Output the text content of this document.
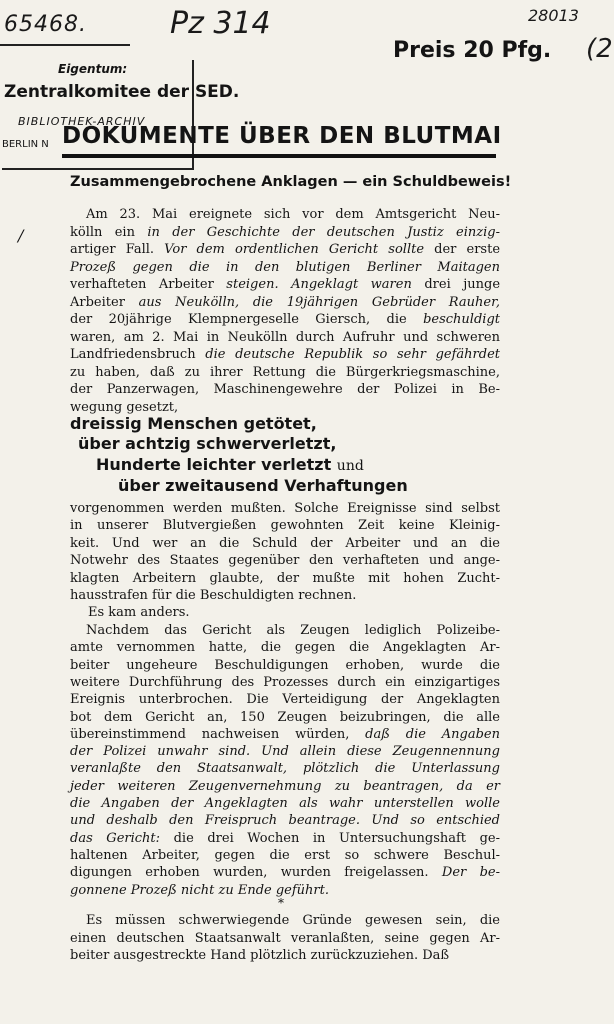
65468.	Pz 314	28013
(2
Preis 20 Pfg.
Eigentum:
Zentralkomitee der SED.
BIBLIOTHEK-ARCHIV
BERLIN N DOKUMENTE ÜBER DEN BLUTMAI
Zusammengebrochene Anklagen — ein Schuldbeweis!
/
Am 23. Mai ereignete sich vor dem Amtsgericht Neu-
kölln ein in der Geschichte der deutschen Justiz einzig-
artiger Fall. Vor dem ordentlichen Gericht sollte der erste
Prozeß gegen die in den blutigen Berliner Maitagen
verhafteten Arbeiter steigen. Angeklagt waren drei junge
Arbeiter aus Neukölln, die 19jährigen Gebrüder Rauher,
der 20jährige Klempnergeselle Giersch, die beschuldigt
waren, am 2. Mai in Neukölln durch Aufruhr und schweren
Landfriedensbruch die deutsche Republik so sehr gefährdet
zu haben, daß zu ihrer Rettung die Bürgerkriegsmaschine,
der Panzerwagen, Maschinengewehre der Polizei in Be-
wegung gesetzt,
dreissig Menschen getötet,
über achtzig schwerverletzt,
Hunderte leichter verletzt und
über zweitausend Verhaftungen
vorgenommen werden mußten. Solche Ereignisse sind selbst
in unserer Blutvergießen gewohnten Zeit keine Kleinig-
keit. Und wer an die Schuld der Arbeiter und an die
Notwehr des Staates gegenüber den verhafteten und ange-
klagten Arbeitern glaubte, der mußte mit hohen Zucht-
hausstrafen für die Beschuldigten rechnen.
Es kam anders.
Nachdem das Gericht als Zeugen lediglich Polizeibe-
amte vernommen hatte, die gegen die Angeklagten Ar-
beiter ungeheure Beschuldigungen erhoben, wurde die
weitere Durchführung des Prozesses durch ein einzigartiges
Ereignis unterbrochen. Die Verteidigung der Angeklagten
bot dem Gericht an, 150 Zeugen beizubringen, die alle
übereinstimmend nachweisen würden, daß die Angaben
der Polizei unwahr sind. Und allein diese Zeugennennung
veranlaßte den Staatsanwalt, plötzlich die Unterlassung
jeder weiteren Zeugenvernehmung zu beantragen, da er
die Angaben der Angeklagten als wahr unterstellen wolle
und deshalb den Freispruch beantrage. Und so entschied
das Gericht: die drei Wochen in Untersuchungshaft ge-
haltenen Arbeiter, gegen die erst so schwere Beschul-
digungen erhoben wurden, wurden freigelassen. Der be-
gonnene Prozeß nicht zu Ende geführt.
*
Es müssen schwerwiegende Gründe gewesen sein, die
einen deutschen Staatsanwalt veranlaßten, seine gegen Ar-
beiter ausgestreckte Hand plötzlich zurückzuziehen. Daß
